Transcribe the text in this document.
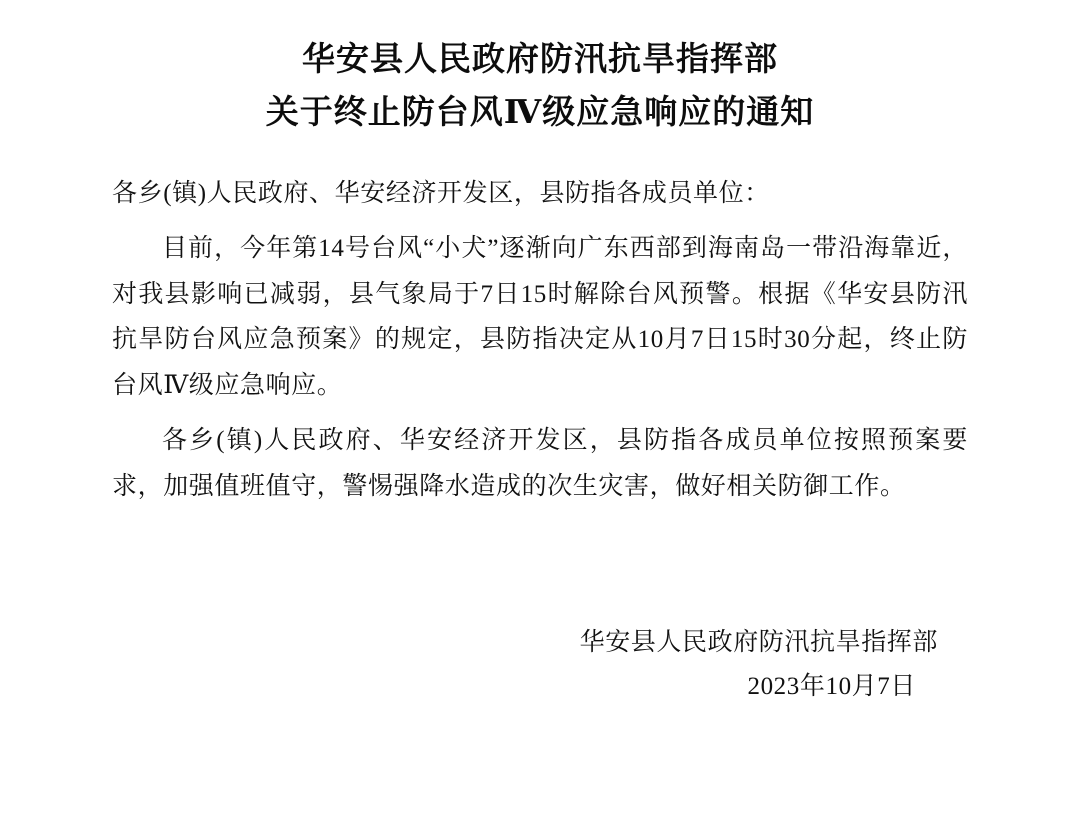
华安县人民政府防汛抗旱指挥部
关于终止防台风Ⅳ级应急响应的通知

各乡(镇)人民政府、华安经济开发区，县防指各成员单位：

目前，今年第14号台风“小犬”逐渐向广东西部到海南岛一带沿海靠近，对我县影响已减弱，县气象局于7日15时解除台风预警。根据《华安县防汛抗旱防台风应急预案》的规定，县防指决定从10月7日15时30分起，终止防台风Ⅳ级应急响应。

各乡(镇)人民政府、华安经济开发区，县防指各成员单位按照预案要求，加强值班值守，警惕强降水造成的次生灾害，做好相关防御工作。

华安县人民政府防汛抗旱指挥部
2023年10月7日
